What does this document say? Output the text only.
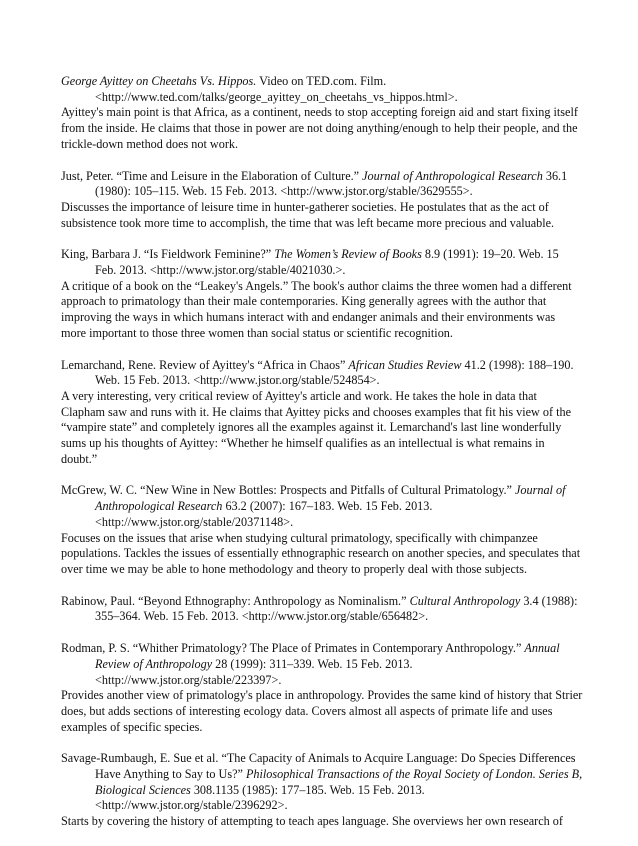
George Ayittey on Cheetahs Vs. Hippos. Video on TED.com. Film. <http://www.ted.com/talks/george_ayittey_on_cheetahs_vs_hippos.html>.

Ayittey's main point is that Africa, as a continent, needs to stop accepting foreign aid and start fixing itself from the inside. He claims that those in power are not doing anything/enough to help their people, and the trickle-down method does not work.

Just, Peter. “Time and Leisure in the Elaboration of Culture.” Journal of Anthropological Research 36.1 (1980): 105–115. Web. 15 Feb. 2013. <http://www.jstor.org/stable/3629555>.

Discusses the importance of leisure time in hunter-gatherer societies. He postulates that as the act of subsistence took more time to accomplish, the time that was left became more precious and valuable.

King, Barbara J. “Is Fieldwork Feminine?” The Women’s Review of Books 8.9 (1991): 19–20. Web. 15 Feb. 2013. <http://www.jstor.org/stable/4021030.>.

A critique of a book on the “Leakey's Angels.” The book's author claims the three women had a different approach to primatology than their male contemporaries. King generally agrees with the author that improving the ways in which humans interact with and endanger animals and their environments was more important to those three women than social status or scientific recognition.

Lemarchand, Rene. Review of Ayittey's “Africa in Chaos” African Studies Review 41.2 (1998): 188–190. Web. 15 Feb. 2013. <http://www.jstor.org/stable/524854>.

A very interesting, very critical review of Ayittey's article and work. He takes the hole in data that Clapham saw and runs with it. He claims that Ayittey picks and chooses examples that fit his view of the “vampire state” and completely ignores all the examples against it. Lemarchand's last line wonderfully sums up his thoughts of Ayittey: “Whether he himself qualifies as an intellectual is what remains in doubt.”

McGrew, W. C. “New Wine in New Bottles: Prospects and Pitfalls of Cultural Primatology.” Journal of Anthropological Research 63.2 (2007): 167–183. Web. 15 Feb. 2013. <http://www.jstor.org/stable/20371148>.

Focuses on the issues that arise when studying cultural primatology, specifically with chimpanzee populations. Tackles the issues of essentially ethnographic research on another species, and speculates that over time we may be able to hone methodology and theory to properly deal with those subjects.

Rabinow, Paul. “Beyond Ethnography: Anthropology as Nominalism.” Cultural Anthropology 3.4 (1988): 355–364. Web. 15 Feb. 2013. <http://www.jstor.org/stable/656482>.

Rodman, P. S. “Whither Primatology? The Place of Primates in Contemporary Anthropology.” Annual Review of Anthropology 28 (1999): 311–339. Web. 15 Feb. 2013. <http://www.jstor.org/stable/223397>.

Provides another view of primatology's place in anthropology. Provides the same kind of history that Strier does, but adds sections of interesting ecology data. Covers almost all aspects of primate life and uses examples of specific species.

Savage-Rumbaugh, E. Sue et al. “The Capacity of Animals to Acquire Language: Do Species Differences Have Anything to Say to Us?” Philosophical Transactions of the Royal Society of London. Series B, Biological Sciences 308.1135 (1985): 177–185. Web. 15 Feb. 2013. <http://www.jstor.org/stable/2396292>.

Starts by covering the history of attempting to teach apes language. She overviews her own research of
